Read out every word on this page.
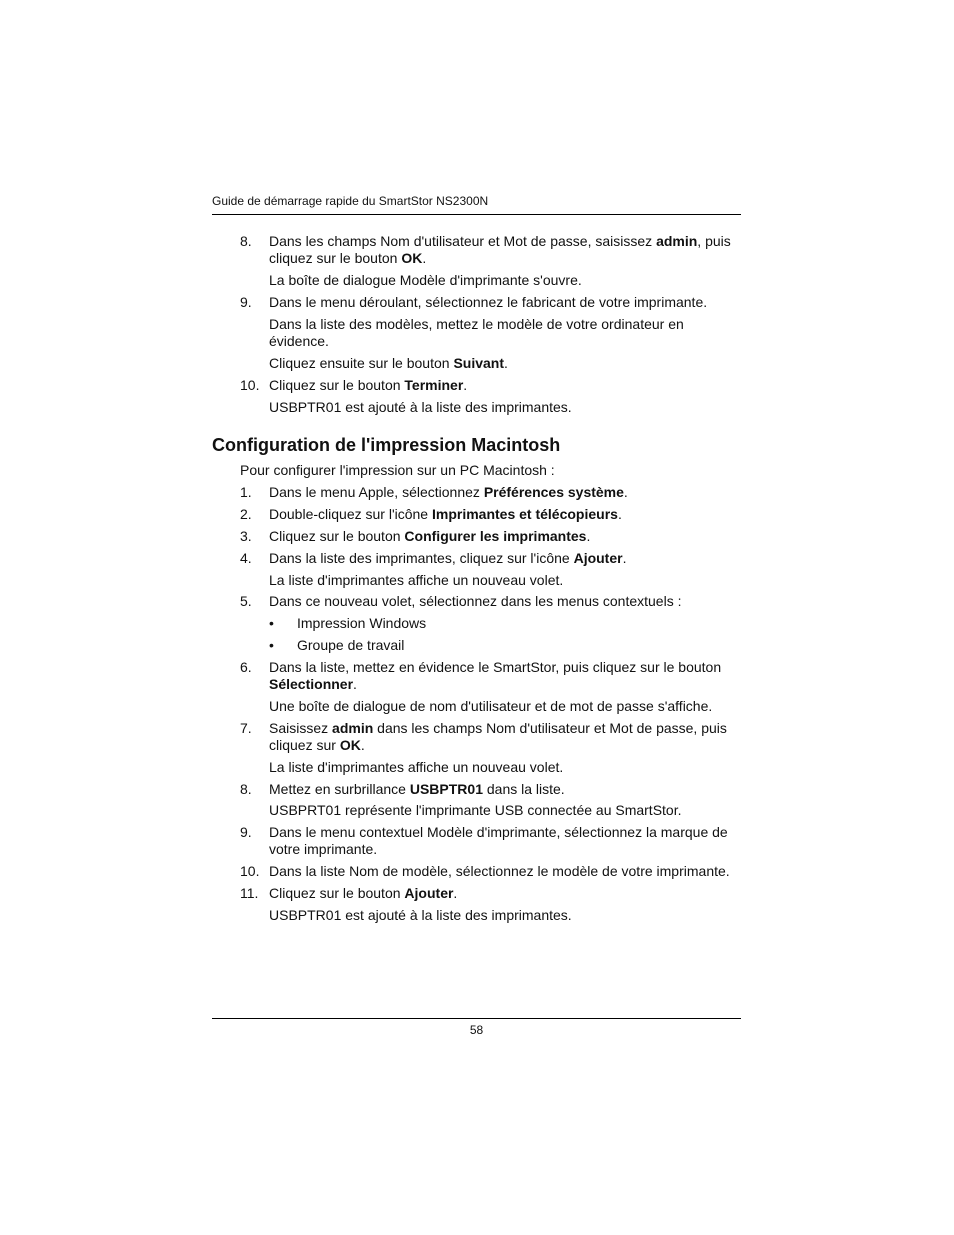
Guide de démarrage rapide du SmartStor NS2300N
8. Dans les champs Nom d'utilisateur et Mot de passe, saisissez admin, puis
cliquez sur le bouton OK.
La boîte de dialogue Modèle d'imprimante s'ouvre.
9. Dans le menu déroulant, sélectionnez le fabricant de votre imprimante.
Dans la liste des modèles, mettez le modèle de votre ordinateur en
évidence.
Cliquez ensuite sur le bouton Suivant.
10. Cliquez sur le bouton Terminer.
USBPTR01 est ajouté à la liste des imprimantes.
Configuration de l'impression Macintosh
Pour configurer l'impression sur un PC Macintosh :
1. Dans le menu Apple, sélectionnez Préférences système.
2. Double-cliquez sur l'icône Imprimantes et télécopieurs.
3. Cliquez sur le bouton Configurer les imprimantes.
4. Dans la liste des imprimantes, cliquez sur l'icône Ajouter.
La liste d'imprimantes affiche un nouveau volet.
5. Dans ce nouveau volet, sélectionnez dans les menus contextuels :
• Impression Windows
• Groupe de travail
6. Dans la liste, mettez en évidence le SmartStor, puis cliquez sur le bouton
Sélectionner.
Une boîte de dialogue de nom d'utilisateur et de mot de passe s'affiche.
7. Saisissez admin dans les champs Nom d'utilisateur et Mot de passe, puis
cliquez sur OK.
La liste d'imprimantes affiche un nouveau volet.
8. Mettez en surbrillance USBPTR01 dans la liste.
USBPRT01 représente l'imprimante USB connectée au SmartStor.
9. Dans le menu contextuel Modèle d'imprimante, sélectionnez la marque de
votre imprimante.
10. Dans la liste Nom de modèle, sélectionnez le modèle de votre imprimante.
11. Cliquez sur le bouton Ajouter.
USBPTR01 est ajouté à la liste des imprimantes.
58
